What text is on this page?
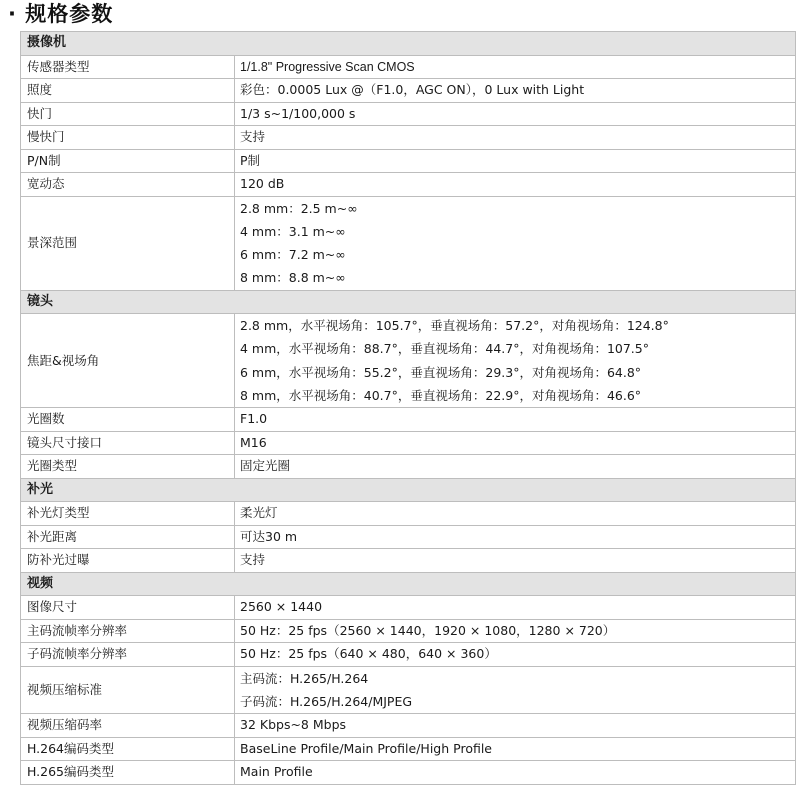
· 规格参数
摄像机	
传感器类型	1/1.8" Progressive Scan CMOS
照度	彩色：0.0005 Lux @（F1.0，AGC ON），0 Lux with Light
快门	1/3 s~1/100,000 s
慢快门	支持
P/N制	P制
宽动态	120 dB
景深范围	2.8 mm：2.5 m~∞
4 mm：3.1 m~∞
6 mm：7.2 m~∞
8 mm：8.8 m~∞

镜头	
焦距&视场角	2.8 mm，水平视场角：105.7°，垂直视场角：57.2°，对角视场角：124.8°
4 mm，水平视场角：88.7°，垂直视场角：44.7°，对角视场角：107.5°
6 mm，水平视场角：55.2°，垂直视场角：29.3°，对角视场角：64.8°
8 mm，水平视场角：40.7°，垂直视场角：22.9°，对角视场角：46.6°

光圈数	F1.0
镜头尺寸接口	M16
光圈类型	固定光圈
补光	
补光灯类型	柔光灯
补光距离	可达30 m
防补光过曝	支持
视频	
图像尺寸	2560 × 1440
主码流帧率分辨率	50 Hz：25 fps（2560 × 1440，1920 × 1080，1280 × 720）
子码流帧率分辨率	50 Hz：25 fps（640 × 480，640 × 360）
视频压缩标准	主码流：H.265/H.264
子码流：H.265/H.264/MJPEG

视频压缩码率	32 Kbps~8 Mbps
H.264编码类型	BaseLine Profile/Main Profile/High Profile
H.265编码类型	Main Profile
